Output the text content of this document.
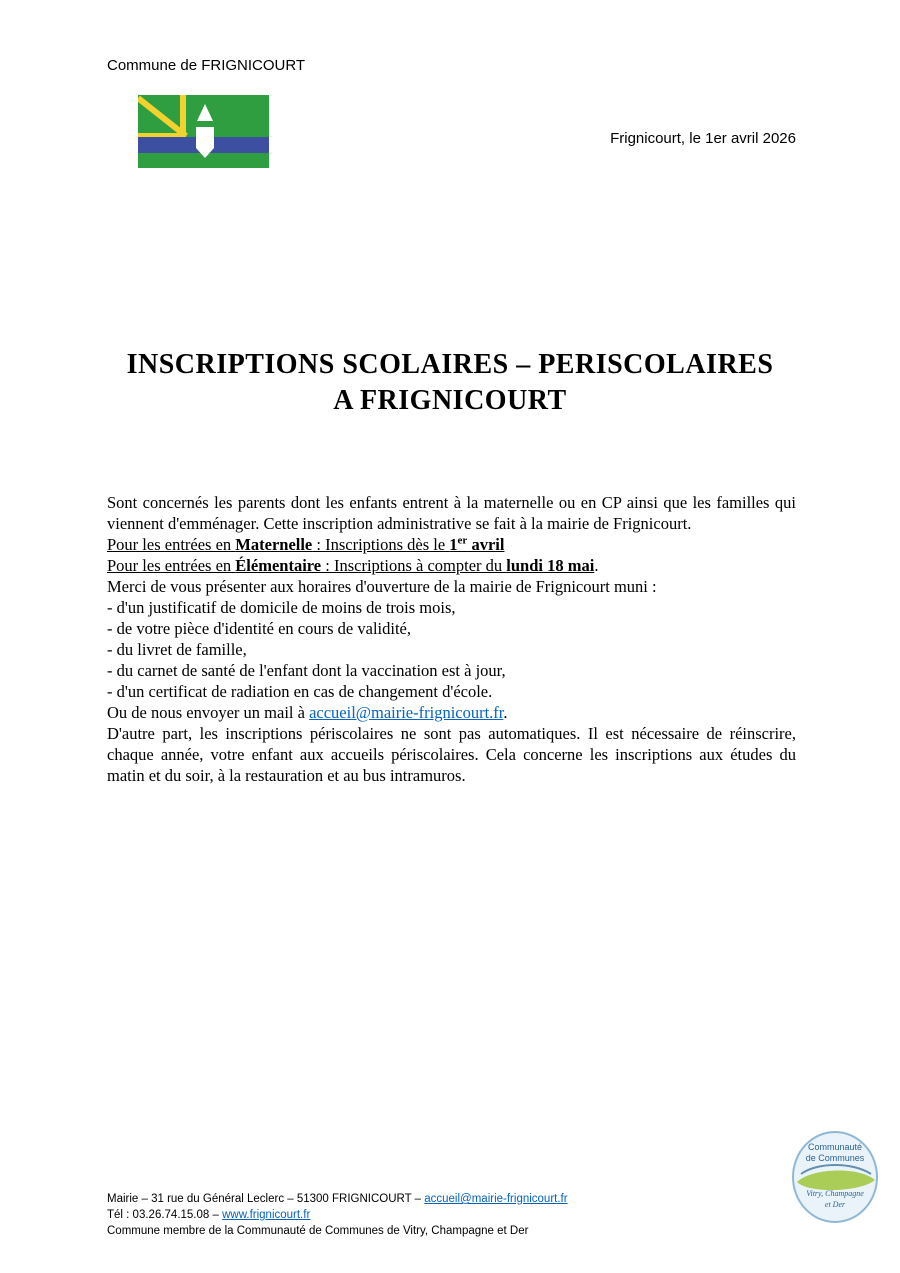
Commune de FRIGNICOURT
Frignicourt, le 1er avril 2026
INSCRIPTIONS SCOLAIRES – PERISCOLAIRES
A FRIGNICOURT

Sont concernés les parents dont les enfants entrent à la maternelle ou en CP ainsi que les familles qui viennent d'emménager. Cette inscription administrative se fait à la mairie de Frignicourt.

Pour les entrées en Maternelle : Inscriptions dès le 1er avril

Pour les entrées en Élémentaire : Inscriptions à compter du lundi 18 mai.

Merci de vous présenter aux horaires d'ouverture de la mairie de Frignicourt muni :

- d'un justificatif de domicile de moins de trois mois,

- de votre pièce d'identité en cours de validité,

- du livret de famille,

- du carnet de santé de l'enfant dont la vaccination est à jour,

- d'un certificat de radiation en cas de changement d'école.

Ou de nous envoyer un mail à accueil@mairie-frignicourt.fr.

D'autre part, les inscriptions périscolaires ne sont pas automatiques. Il est nécessaire de réinscrire, chaque année, votre enfant aux accueils périscolaires. Cela concerne les inscriptions aux études du matin et du soir, à la restauration et au bus intramuros.

Mairie – 31 rue du Général Leclerc – 51300 FRIGNICOURT – accueil@mairie-frignicourt.fr

Tél : 03.26.74.15.08 – www.frignicourt.fr

Commune membre de la Communauté de Communes de Vitry, Champagne et Der

Communauté
de Communes
Vitry, Champagne
et Der
